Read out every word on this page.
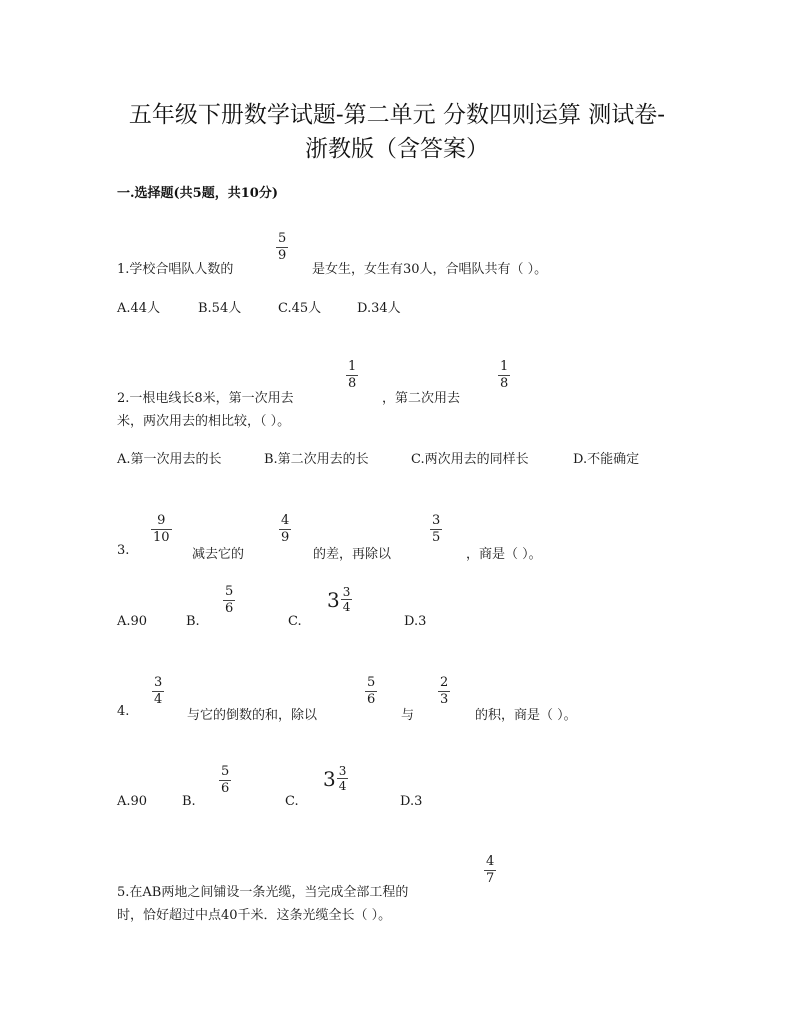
五年级下册数学试题-第二单元 分数四则运算 测试卷-
浙教版（含答案）
一.选择题(共5题，共10分)
1.学校合唱队人数的
5
9
是女生，女生有30人，合唱队共有（ ）。
A.44人	B.54人	C.45人	D.34人
2.一根电线长8米，第一次用去
1
8
，第二次用去
1
8
米，两次用去的相比较，（ ）。
A.第一次用去的长	B.第二次用去的长	C.两次用去的同样长	D.不能确定
3.
9
10
减去它的
4
9
的差，再除以
3
5
，商是（ ）。
A.90	B.
5
6
C.
$3 \frac{3}{4}$
D.3
4.
3
4
与它的倒数的和，除以
5
6
与
2
3
的积，商是（ ）。
A.90	B.
5
6
C.
$3 \frac{3}{4}$
D.3
5.在AB两地之间铺设一条光缆，当完成全部工程的
4
7
时，恰好超过中点40千米．这条光缆全长（ ）。
